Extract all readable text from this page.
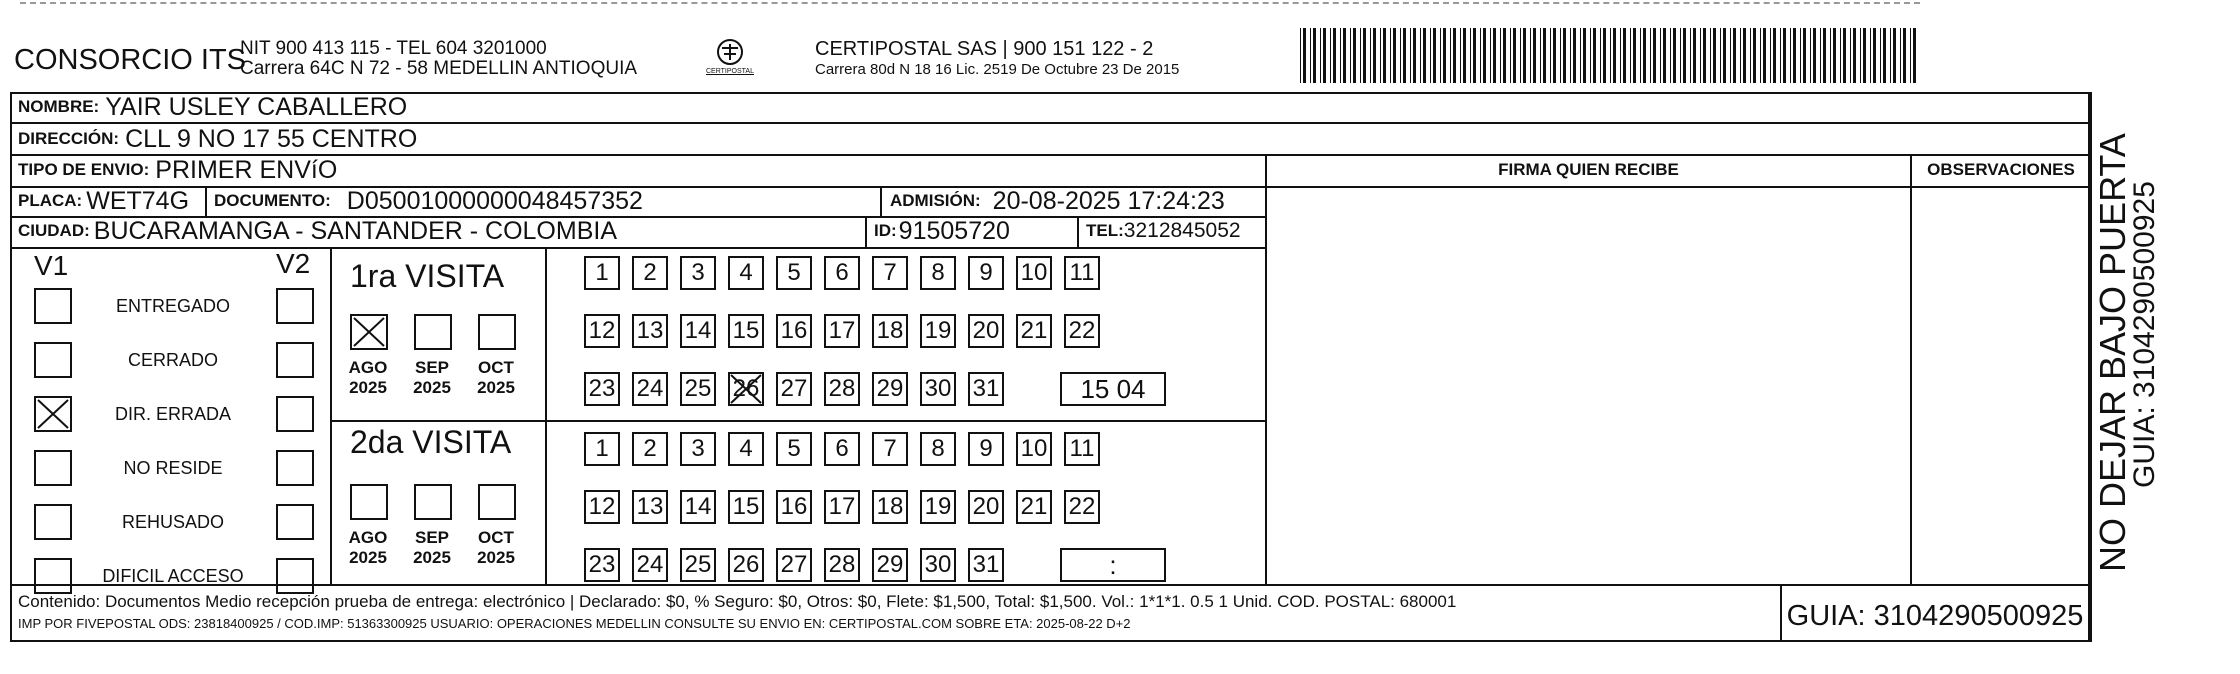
CONSORCIO ITS
NIT 900 413 115 - TEL 604 3201000
Carrera 64C N 72 - 58 MEDELLIN ANTIOQUIA	CERTIPOSTAL
CERTIPOSTAL SAS | 900 151 122 - 2
Carrera 80d N 18 16 Lic. 2519 De Octubre 23 De 2015
NOMBRE: YAIR USLEY CABALLERO
DIRECCIÓN: CLL 9 NO 17 55 CENTRO
TIPO DE ENVIO: PRIMER ENVíO
PLACA: WET74G DOCUMENTO: D05001000000048457352	ADMISIÓN: 20-08-2025 17:24:23
CIUDAD: BUCARAMANGA - SANTANDER - COLOMBIA	ID: 91505720	TEL: 3212845052
FIRMA QUIEN RECIBE	OBSERVACIONES
V1	V2
ENTREGADO
CERRADO
DIR. ERRADA
NO RESIDE
REHUSADO
DIFICIL ACCESO
1ra VISITA
AGO
2025
SEP
2025
OCT
2025
1	2	3	4	5	6	7	8	9	10 11
12 13 14 15 16 17 18 19 20 21 22
23 24 25 26 27 28 29 30 31	15 04
2da VISITA
AGO
2025
SEP
2025
OCT
2025
1	2	3	4	5	6	7	8	9	10 11
12 13 14 15 16 17 18 19 20 21 22
23 24 25 26 27 28 29 30 31	:
Contenido: Documentos Medio recepción prueba de entrega: electrónico | Declarado: $0, % Seguro: $0, Otros: $0, Flete: $1,500, Total: $1,500. Vol.: 1*1*1. 0.5 1 Unid. COD. POSTAL: 680001
IMP POR FIVEPOSTAL ODS: 23818400925 / COD.IMP: 51363300925 USUARIO: OPERACIONES MEDELLIN CONSULTE SU ENVIO EN: CERTIPOSTAL.COM SOBRE ETA: 2025-08-22 D+2	GUIA: 3104290500925
NO DEJAR BAJO PUERTA
GUIA: 3104290500925
